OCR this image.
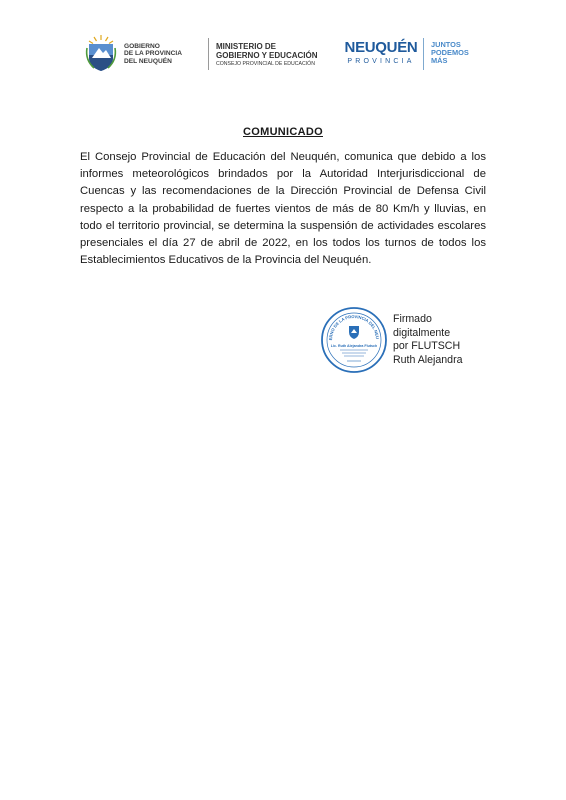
GOBIERNO
DE LA PROVINCIA
DEL NEUQUÉN
MINISTERIO DE
GOBIERNO Y EDUCACIÓN
CONSEJO PROVINCIAL DE EDUCACIÓN
NEUQUÉN
PROVINCIA
JUNTOS
PODEMOS
MÁS
COMUNICADO

El Consejo Provincial de Educación del Neuquén, comunica que debido a los informes meteorológicos brindados por la Autoridad Interjurisdiccional de Cuencas y las recomendaciones de la Dirección Provincial de Defensa Civil respecto a la probabilidad de fuertes vientos de más de 80 Km/h y lluvias, en todo el territorio provincial, se determina la suspensión de actividades escolares presenciales el día 27 de abril de 2022, en los todos los turnos de todos los Establecimientos Educativos de la Provincia del Neuquén.

ERNO DE LA PROVINCIA DEL NEU
Lic. Ruth Alejandra Flutsch
Firmado
digitalmente
por FLUTSCH
Ruth Alejandra
